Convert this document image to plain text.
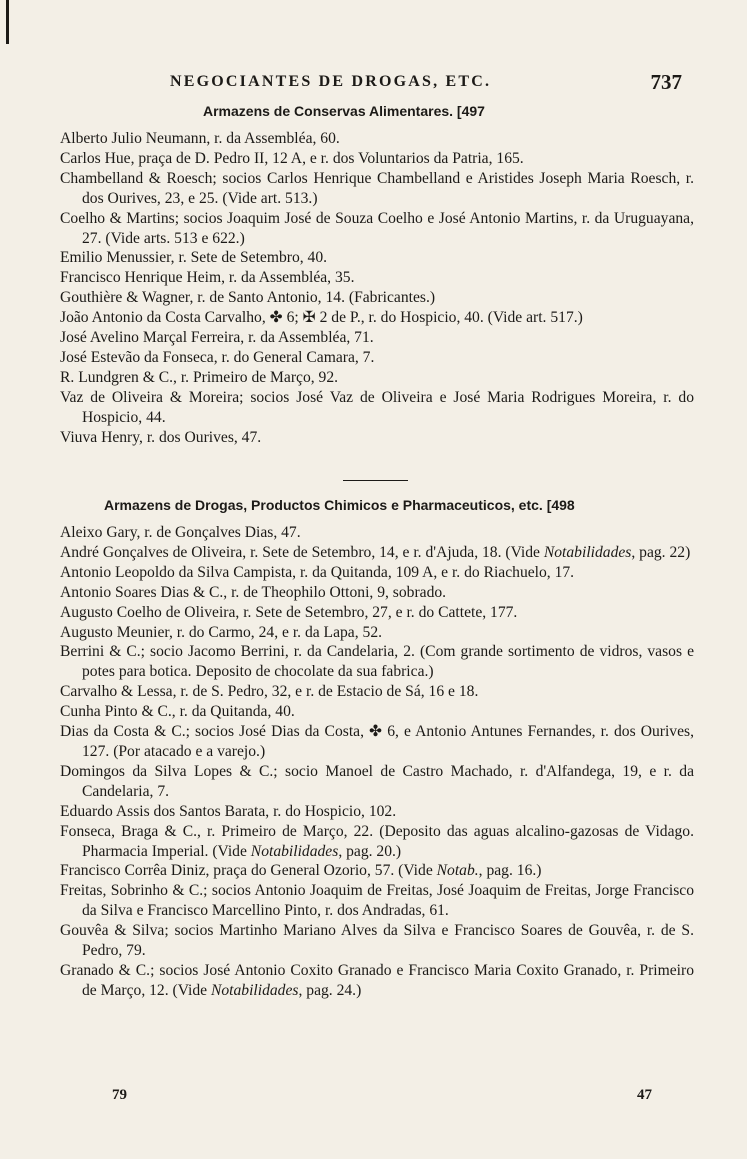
NEGOCIANTES DE DROGAS, ETC.	737
Armazens de Conservas Alimentares. [497

Alberto Julio Neumann, r. da Assembléa, 60.

Carlos Hue, praça de D. Pedro II, 12 A, e r. dos Voluntarios da Patria, 165.

Chambelland & Roesch; socios Carlos Henrique Chambelland e Aristides Joseph Maria Roesch, r. dos Ourives, 23, e 25. (Vide art. 513.)

Coelho & Martins; socios Joaquim José de Souza Coelho e José Antonio Martins, r. da Uruguayana, 27. (Vide arts. 513 e 622.)

Emilio Menussier, r. Sete de Setembro, 40.

Francisco Henrique Heim, r. da Assembléa, 35.

Gouthière & Wagner, r. de Santo Antonio, 14. (Fabricantes.)

João Antonio da Costa Carvalho, ✤ 6; ✠ 2 de P., r. do Hospicio, 40. (Vide art. 517.)

José Avelino Marçal Ferreira, r. da Assembléa, 71.

José Estevão da Fonseca, r. do General Camara, 7.

R. Lundgren & C., r. Primeiro de Março, 92.

Vaz de Oliveira & Moreira; socios José Vaz de Oliveira e José Maria Rodrigues Moreira, r. do Hospicio, 44.

Viuva Henry, r. dos Ourives, 47.

Armazens de Drogas, Productos Chimicos e Pharmaceuticos, etc. [498

Aleixo Gary, r. de Gonçalves Dias, 47.

André Gonçalves de Oliveira, r. Sete de Setembro, 14, e r. d'Ajuda, 18. (Vide Notabilidades, pag. 22)

Antonio Leopoldo da Silva Campista, r. da Quitanda, 109 A, e r. do Riachuelo, 17.

Antonio Soares Dias & C., r. de Theophilo Ottoni, 9, sobrado.

Augusto Coelho de Oliveira, r. Sete de Setembro, 27, e r. do Cattete, 177.

Augusto Meunier, r. do Carmo, 24, e r. da Lapa, 52.

Berrini & C.; socio Jacomo Berrini, r. da Candelaria, 2. (Com grande sortimento de vidros, vasos e potes para botica. Deposito de chocolate da sua fabrica.)

Carvalho & Lessa, r. de S. Pedro, 32, e r. de Estacio de Sá, 16 e 18.

Cunha Pinto & C., r. da Quitanda, 40.

Dias da Costa & C.; socios José Dias da Costa, ✤ 6, e Antonio Antunes Fernandes, r. dos Ourives, 127. (Por atacado e a varejo.)

Domingos da Silva Lopes & C.; socio Manoel de Castro Machado, r. d'Alfandega, 19, e r. da Candelaria, 7.

Eduardo Assis dos Santos Barata, r. do Hospicio, 102.

Fonseca, Braga & C., r. Primeiro de Março, 22. (Deposito das aguas alcalino-gazosas de Vidago. Pharmacia Imperial. (Vide Notabilidades, pag. 20.)

Francisco Corrêa Diniz, praça do General Ozorio, 57. (Vide Notab., pag. 16.)

Freitas, Sobrinho & C.; socios Antonio Joaquim de Freitas, José Joaquim de Freitas, Jorge Francisco da Silva e Francisco Marcellino Pinto, r. dos Andradas, 61.

Gouvêa & Silva; socios Martinho Mariano Alves da Silva e Francisco Soares de Gouvêa, r. de S. Pedro, 79.

Granado & C.; socios José Antonio Coxito Granado e Francisco Maria Coxito Granado, r. Primeiro de Março, 12. (Vide Notabilidades, pag. 24.)

79	47
